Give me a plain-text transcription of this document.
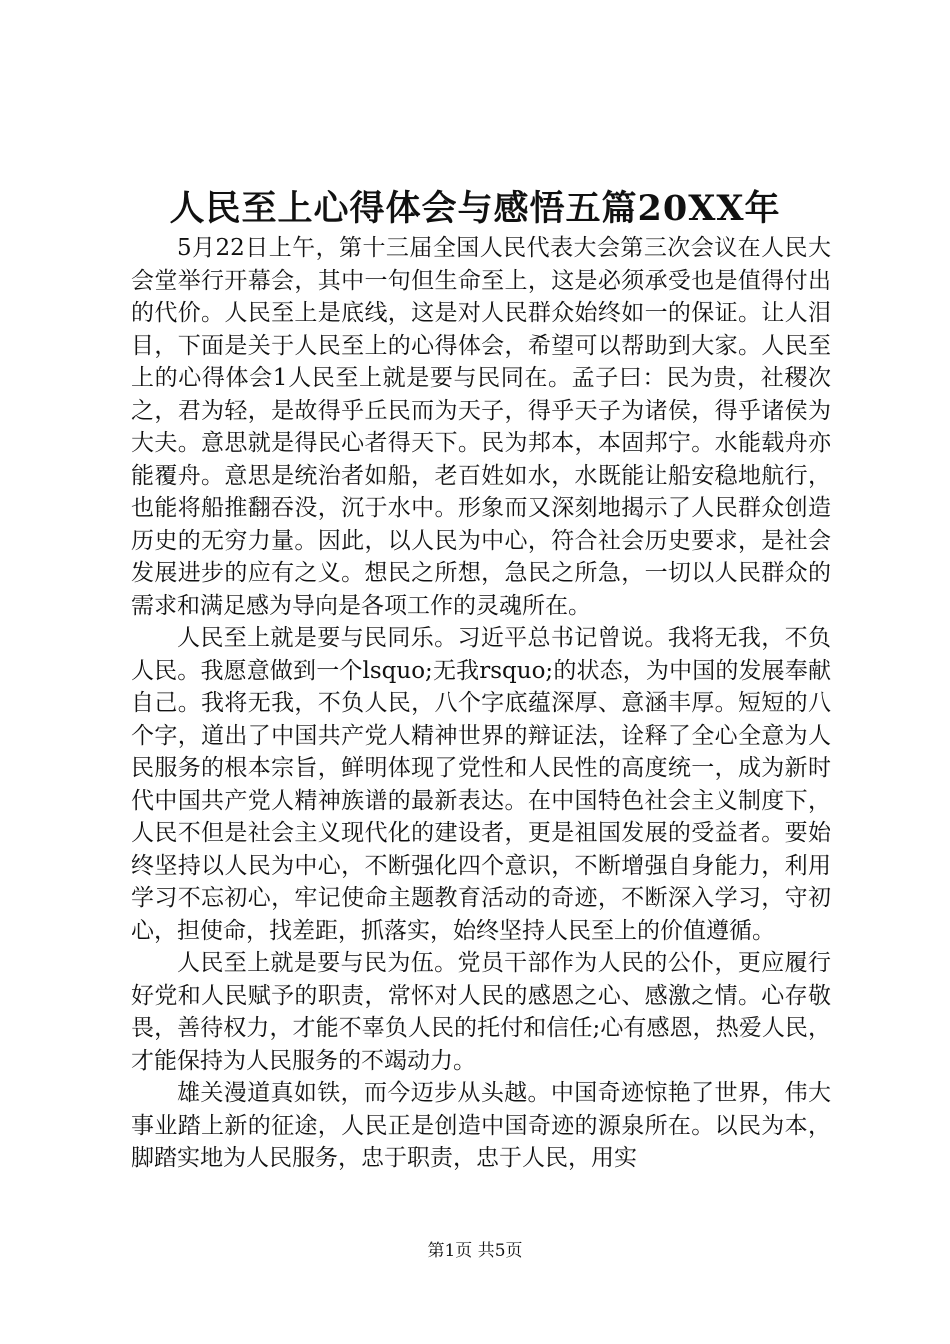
人民至上心得体会与感悟五篇20XX年

5月22日上午，第十三届全国人民代表大会第三次会议在人民大会堂举行开幕会，其中一句但生命至上，这是必须承受也是值得付出的代价。人民至上是底线，这是对人民群众始终如一的保证。让人泪目，下面是关于人民至上的心得体会，希望可以帮助到大家。人民至上的心得体会1人民至上就是要与民同在。孟子曰：民为贵，社稷次之，君为轻，是故得乎丘民而为天子，得乎天子为诸侯，得乎诸侯为大夫。意思就是得民心者得天下。民为邦本，本固邦宁。水能载舟亦能覆舟。意思是统治者如船，老百姓如水，水既能让船安稳地航行，也能将船推翻吞没，沉于水中。形象而又深刻地揭示了人民群众创造历史的无穷力量。因此，以人民为中心，符合社会历史要求，是社会发展进步的应有之义。想民之所想，急民之所急，一切以人民群众的需求和满足感为导向是各项工作的灵魂所在。

人民至上就是要与民同乐。习近平总书记曾说。我将无我，不负人民。我愿意做到一个lsquo;无我rsquo;的状态，为中国的发展奉献自己。我将无我，不负人民，八个字底蕴深厚、意涵丰厚。短短的八个字，道出了中国共产党人精神世界的辩证法，诠释了全心全意为人民服务的根本宗旨，鲜明体现了党性和人民性的高度统一，成为新时代中国共产党人精神族谱的最新表达。在中国特色社会主义制度下，人民不但是社会主义现代化的建设者，更是祖国发展的受益者。要始终坚持以人民为中心，不断强化四个意识，不断增强自身能力，利用学习不忘初心，牢记使命主题教育活动的奇迹，不断深入学习，守初心，担使命，找差距，抓落实，始终坚持人民至上的价值遵循。

人民至上就是要与民为伍。党员干部作为人民的公仆，更应履行好党和人民赋予的职责，常怀对人民的感恩之心、感激之情。心存敬畏，善待权力，才能不辜负人民的托付和信任;心有感恩，热爱人民，才能保持为人民服务的不竭动力。

雄关漫道真如铁，而今迈步从头越。中国奇迹惊艳了世界，伟大事业踏上新的征途，人民正是创造中国奇迹的源泉所在。以民为本，脚踏实地为人民服务，忠于职责，忠于人民，用实

第1页 共5页
